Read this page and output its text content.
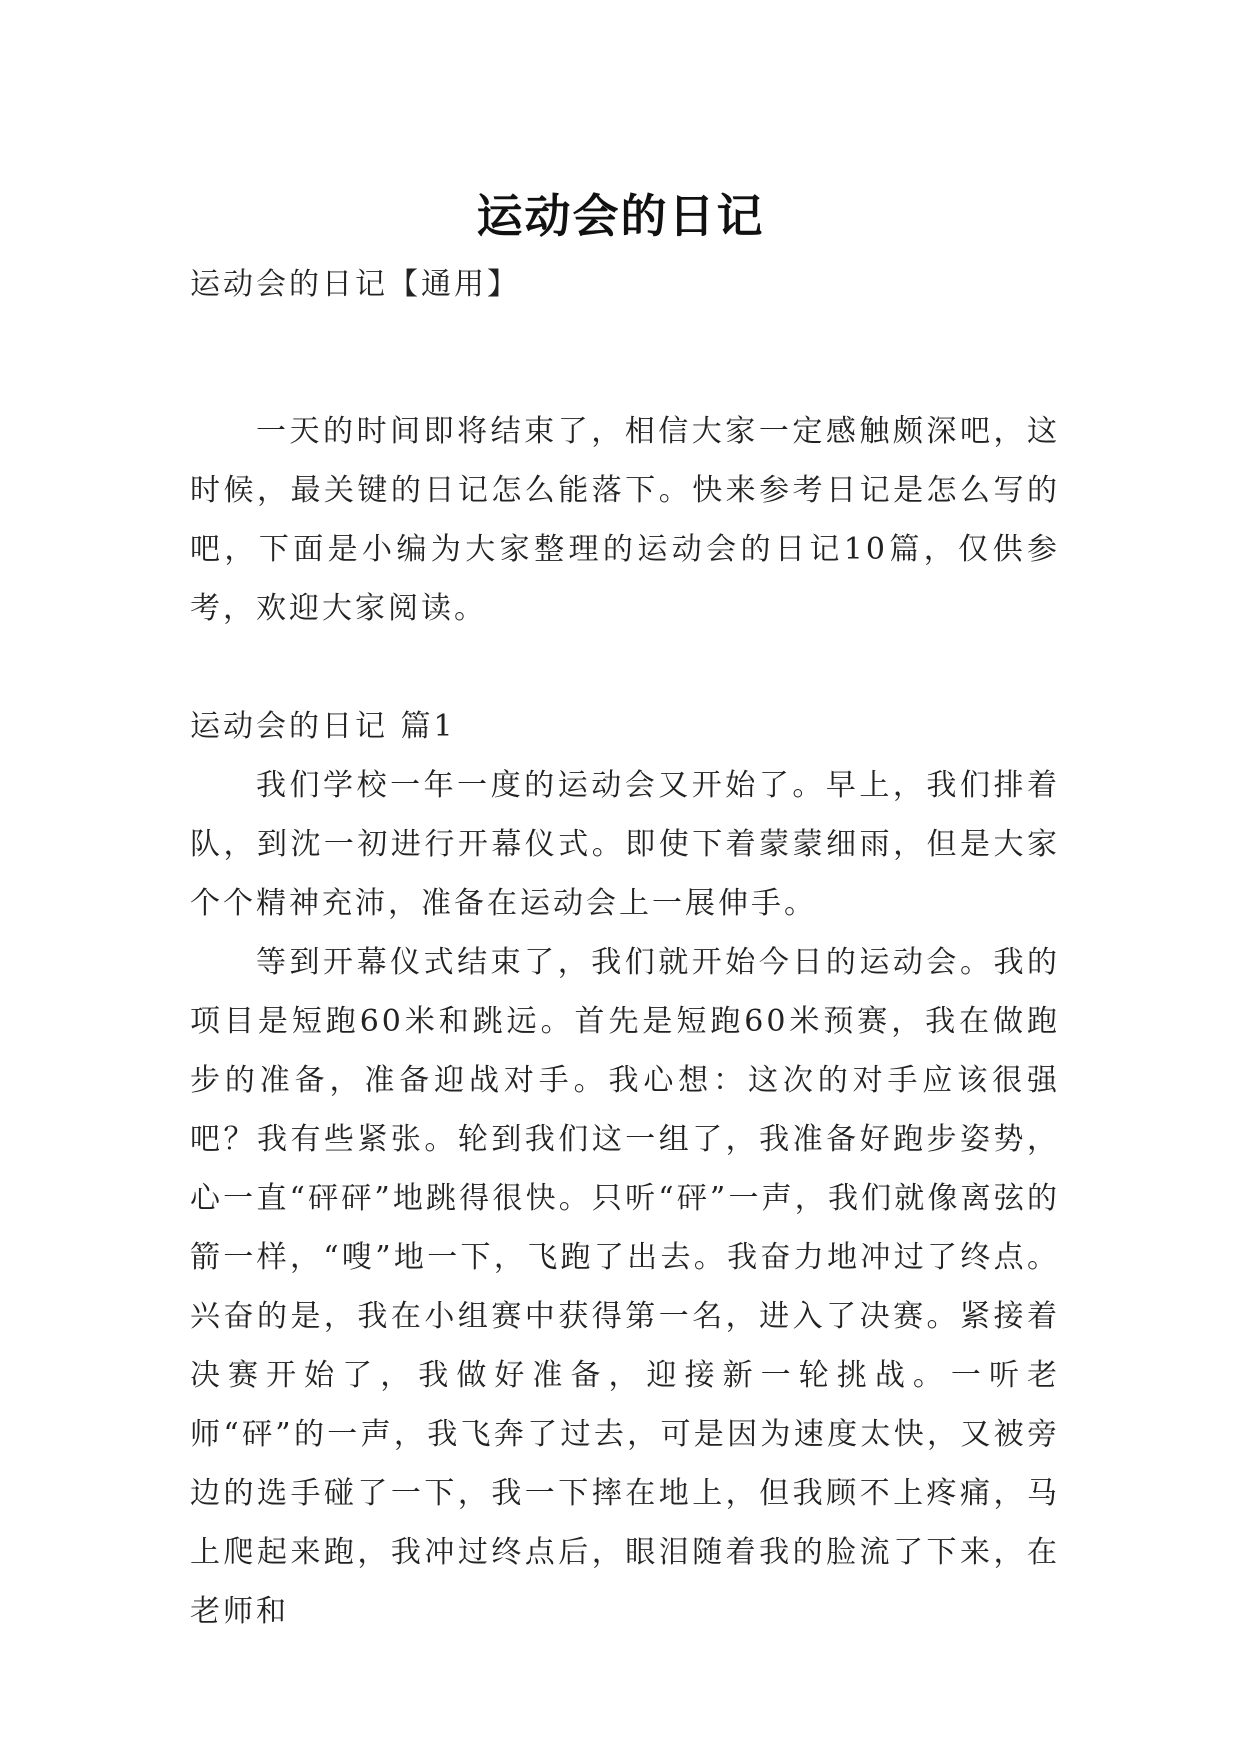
运动会的日记

运动会的日记【通用】

一天的时间即将结束了，相信大家一定感触颇深吧，这时候，最关键的日记怎么能落下。快来参考日记是怎么写的吧，下面是小编为大家整理的运动会的日记10篇，仅供参考，欢迎大家阅读。

运动会的日记 篇1

我们学校一年一度的运动会又开始了。早上，我们排着队，到沈一初进行开幕仪式。即使下着蒙蒙细雨，但是大家个个精神充沛，准备在运动会上一展伸手。

等到开幕仪式结束了，我们就开始今日的运动会。我的项目是短跑60米和跳远。首先是短跑60米预赛，我在做跑步的准备，准备迎战对手。我心想：这次的对手应该很强吧？我有些紧张。轮到我们这一组了，我准备好跑步姿势，心一直“砰砰”地跳得很快。只听“砰”一声，我们就像离弦的箭一样，“嗖”地一下，飞跑了出去。我奋力地冲过了终点。兴奋的是，我在小组赛中获得第一名，进入了决赛。紧接着决赛开始了，我做好准备，迎接新一轮挑战。一听老师“砰”的一声，我飞奔了过去，可是因为速度太快，又被旁边的选手碰了一下，我一下摔在地上，但我顾不上疼痛，马上爬起来跑，我冲过终点后，眼泪随着我的脸流了下来，在老师和
